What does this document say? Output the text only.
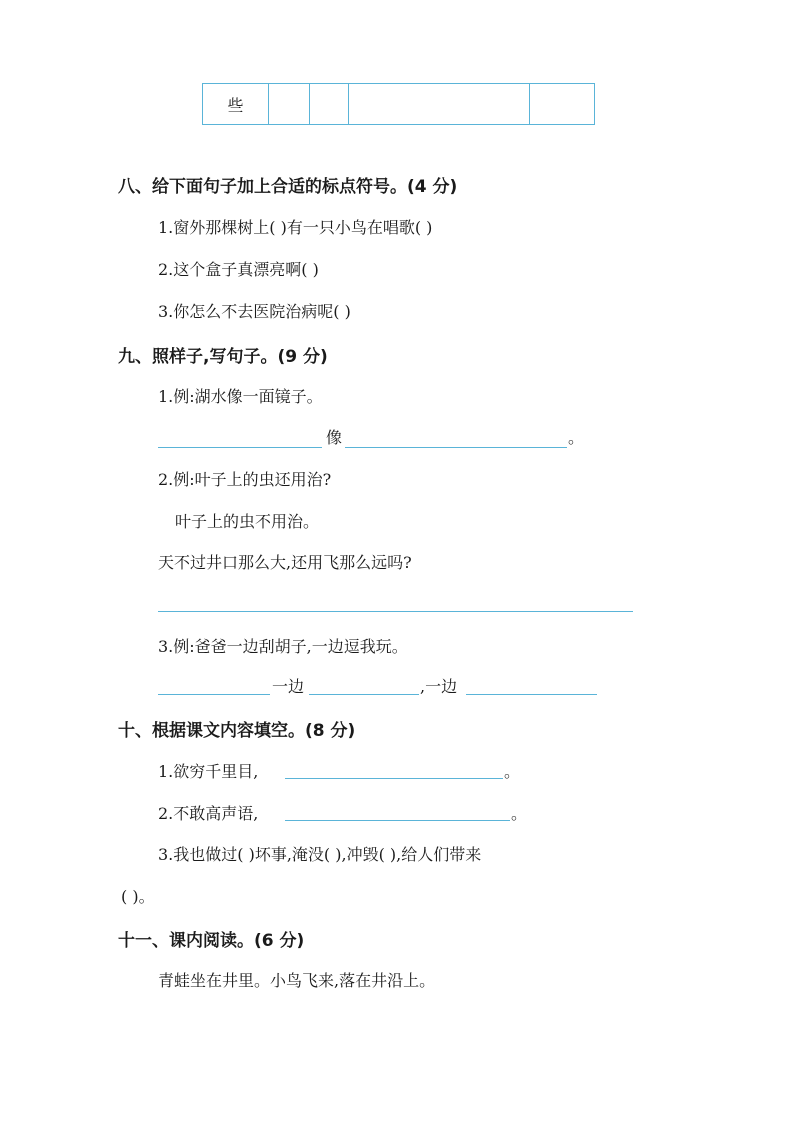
些				
八、给下面句子加上合适的标点符号。(4 分)
1.窗外那棵树上( )有一只小鸟在唱歌( )
2.这个盒子真漂亮啊( )
3.你怎么不去医院治病呢( )
九、照样子,写句子。(9 分)
1.例:湖水像一面镜子。
像	。
2.例:叶子上的虫还用治?
叶子上的虫不用治。
天不过井口那么大,还用飞那么远吗?
3.例:爸爸一边刮胡子,一边逗我玩。
一边	,一边
十、根据课文内容填空。(8 分)
1.欲穷千里目,	。
2.不敢高声语,	。
3.我也做过( )坏事,淹没( ),冲毁( ),给人们带来
( )。
十一、课内阅读。(6 分)
青蛙坐在井里。小鸟飞来,落在井沿上。
